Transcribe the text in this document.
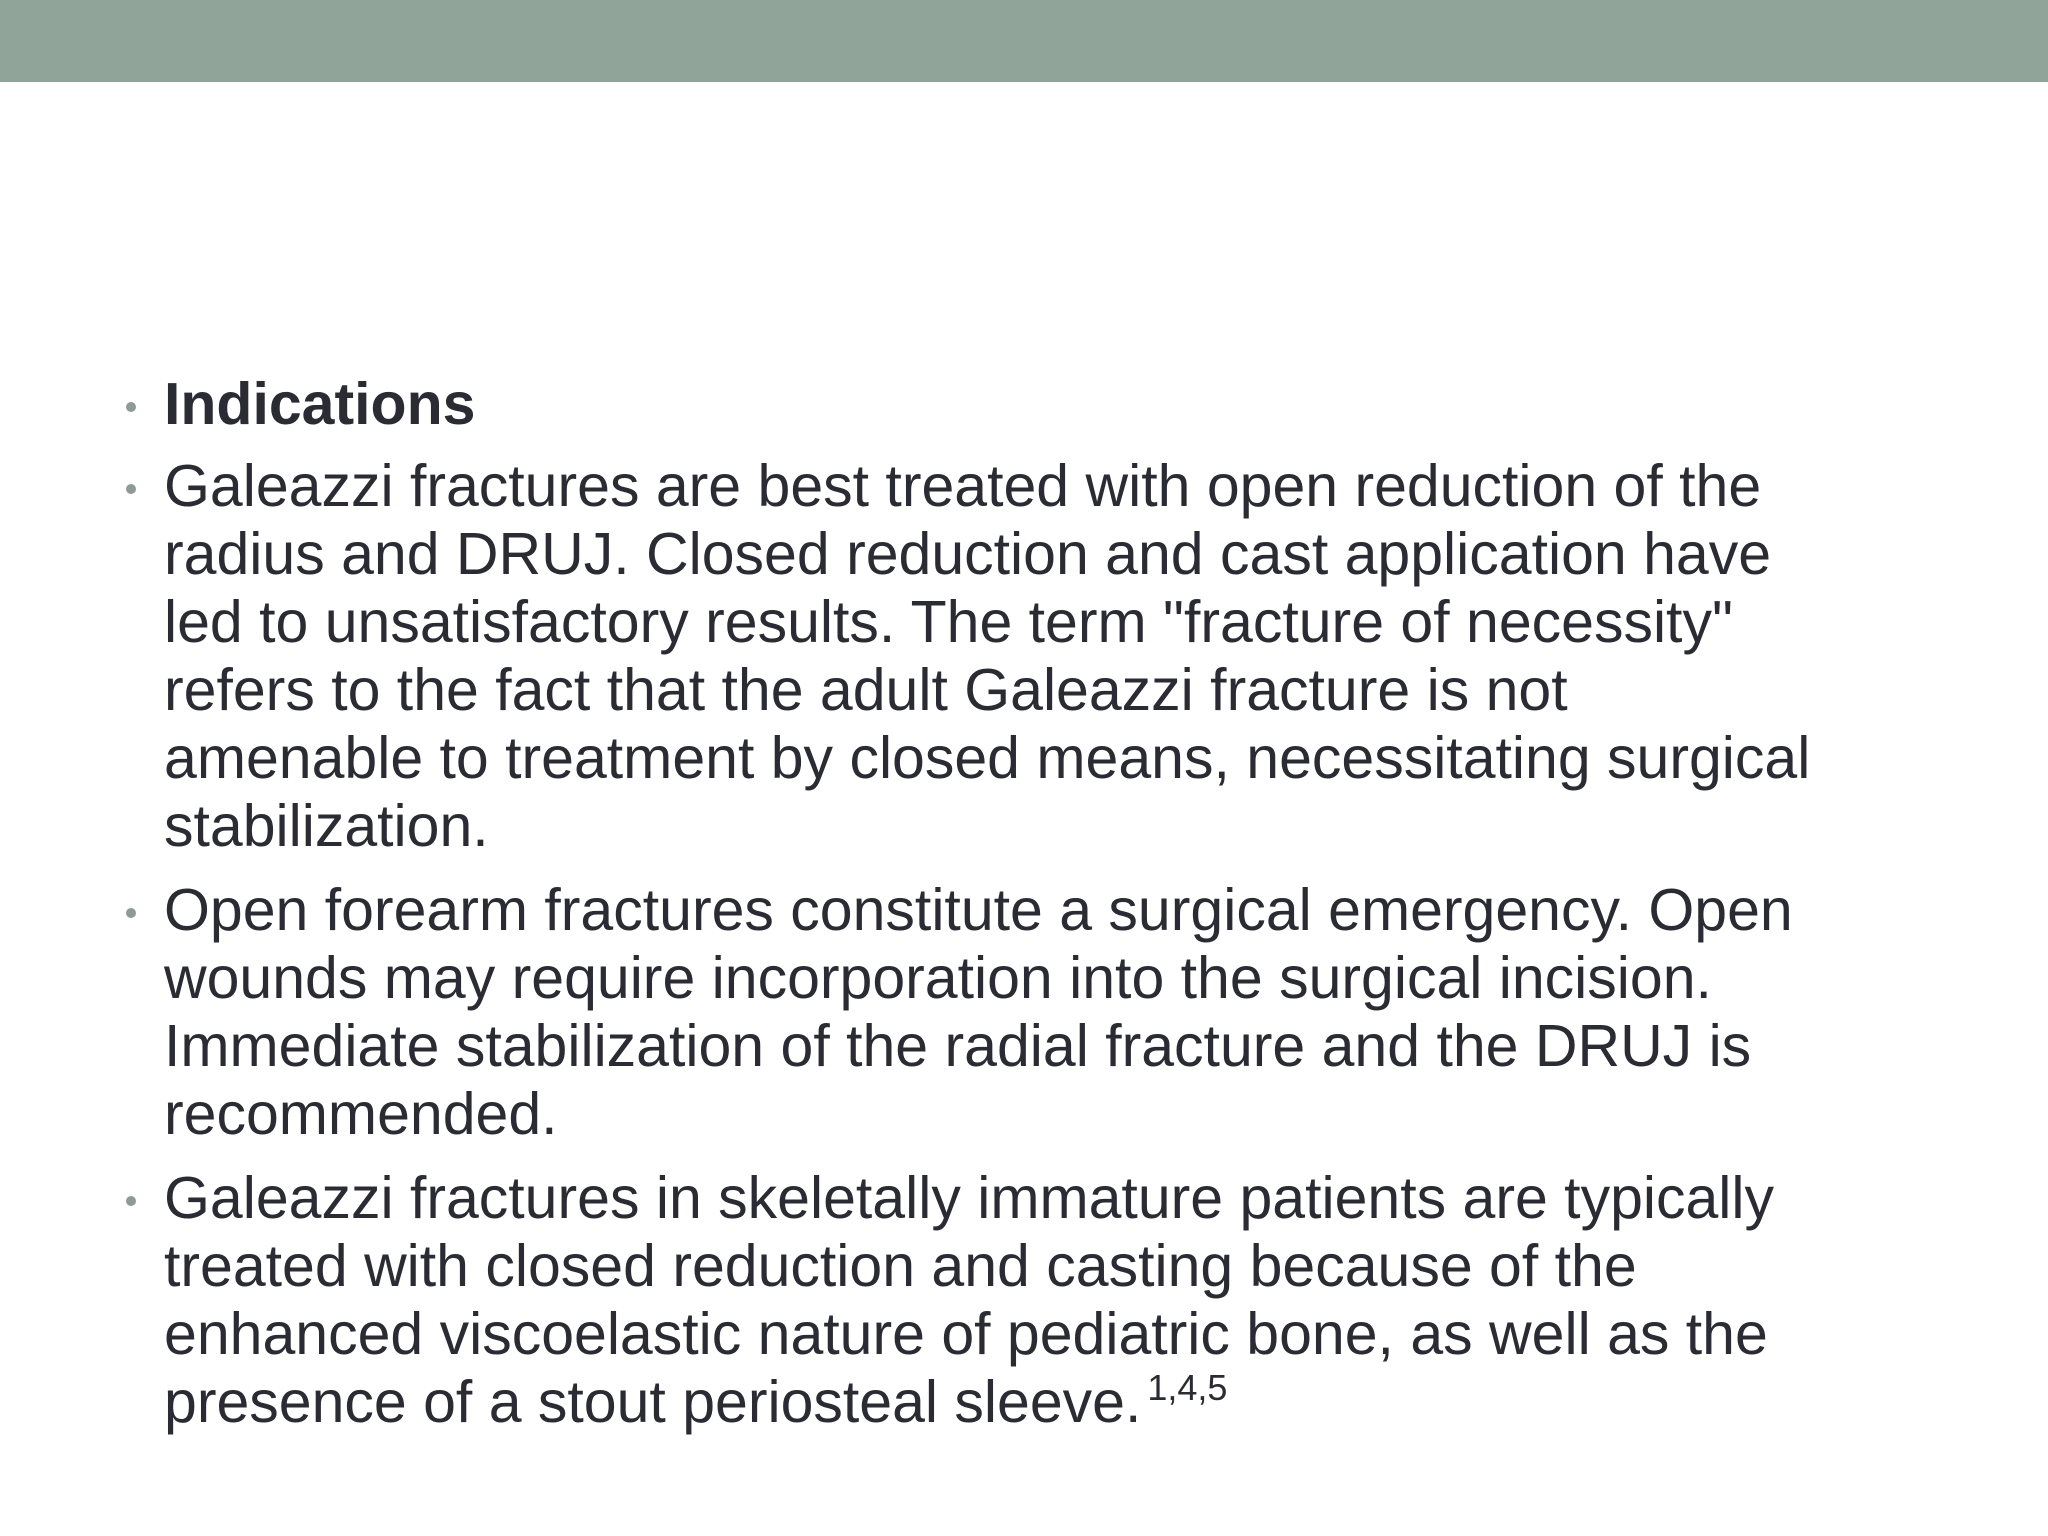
Indications
Galeazzi fractures are best treated with open reduction of the
radius and DRUJ. Closed reduction and cast application have
led to unsatisfactory results. The term "fracture of necessity"
refers to the fact that the adult Galeazzi fracture is not
amenable to treatment by closed means, necessitating surgical
stabilization.
Open forearm fractures constitute a surgical emergency. Open
wounds may require incorporation into the surgical incision.
Immediate stabilization of the radial fracture and the DRUJ is
recommended.
Galeazzi fractures in skeletally immature patients are typically
treated with closed reduction and casting because of the
enhanced viscoelastic nature of pediatric bone, as well as the
presence of a stout periosteal sleeve. $^{1,4,5}$
